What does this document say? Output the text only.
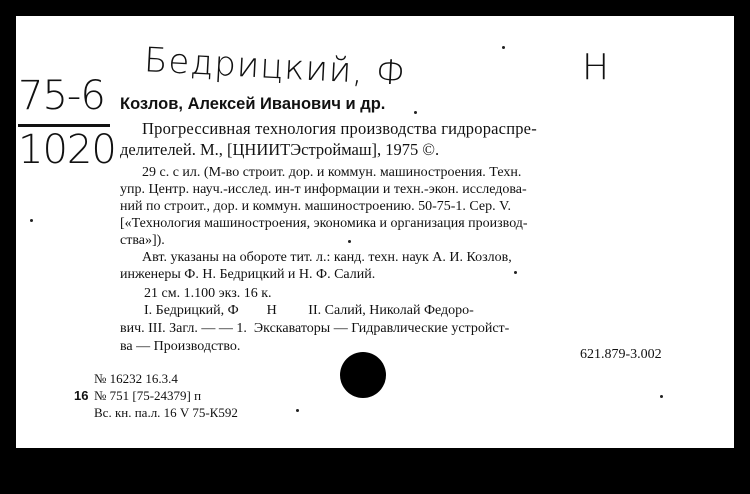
Бедрицкий, Ф	Н
75-6
1020
Козлов, Алексей Иванович и др.
Прогрессивная технология производства гидрораспре-
делителей. М., [ЦНИИТЭстроймаш], 1975 ©.
29 с. с ил. (М-во строит. дор. и коммун. машиностроения. Техн.
упр. Центр. науч.-исслед. ин-т информации и техн.-экон. исследова-
ний по строит., дор. и коммун. машиностроению. 50-75-1. Сер. V.
[«Технология машиностроения, экономика и организация производ-
ства»]).
Авт. указаны на обороте тит. л.: канд. техн. наук А. И. Козлов,
инженеры Ф. Н. Бедрицкий и Н. Ф. Салий.
21 см. 1.100 экз. 16 к.
I. Бедрицкий, Ф        Н         II. Салий, Николай Федоро-
вич. III. Загл. — — 1.  Экскаваторы — Гидравлические устройст-
ва — Производство.
621.879-3.002
№ 16232 16.3.4
16 № 751 [75-24379] п
Вс. кн. па.л. 16 V 75-К592
